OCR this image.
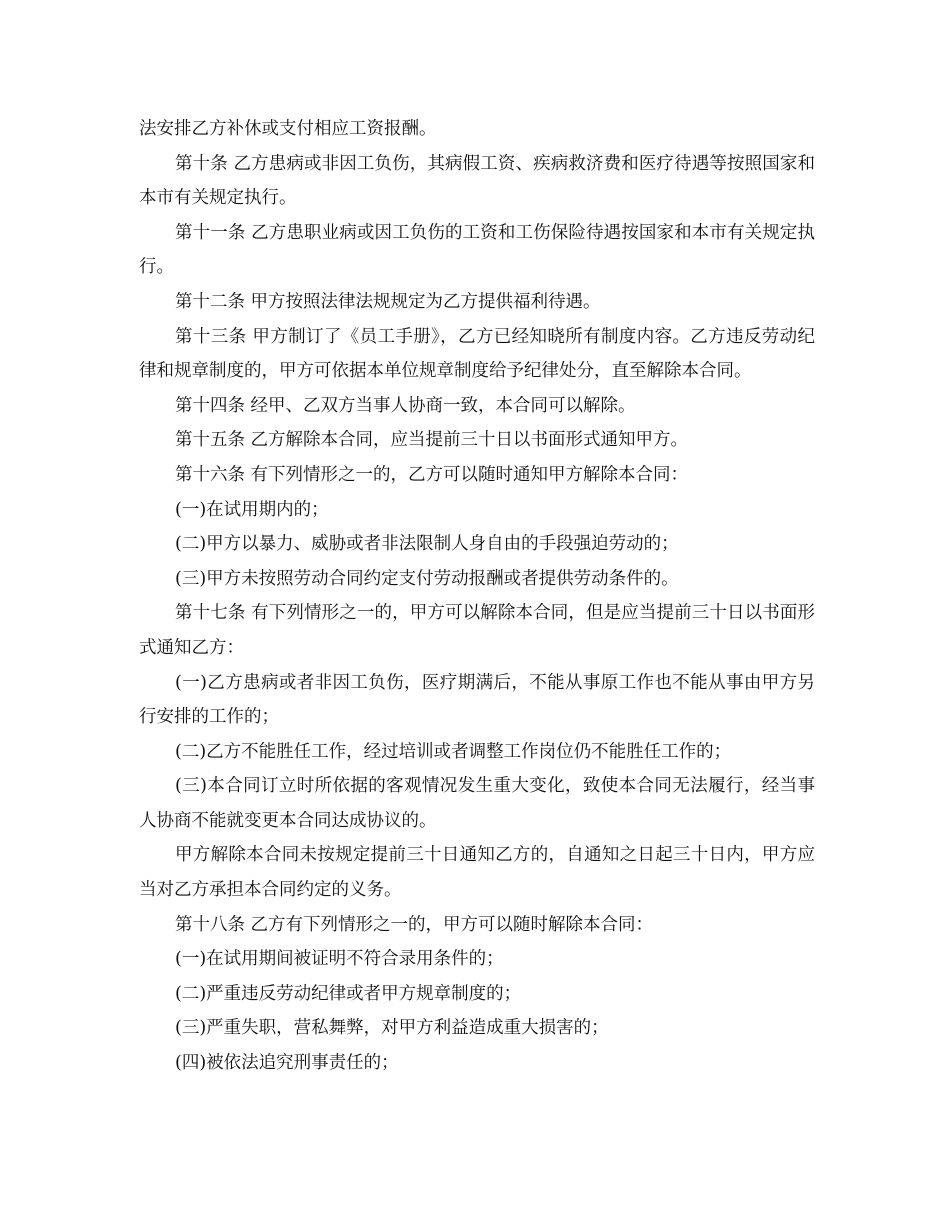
法安排乙方补休或支付相应工资报酬。

第十条 乙方患病或非因工负伤，其病假工资、疾病救济费和医疗待遇等按照国家和本市有关规定执行。

第十一条 乙方患职业病或因工负伤的工资和工伤保险待遇按国家和本市有关规定执行。

第十二条 甲方按照法律法规规定为乙方提供福利待遇。

第十三条 甲方制订了《员工手册》，乙方已经知晓所有制度内容。乙方违反劳动纪律和规章制度的，甲方可依据本单位规章制度给予纪律处分，直至解除本合同。

第十四条 经甲、乙双方当事人协商一致，本合同可以解除。

第十五条 乙方解除本合同，应当提前三十日以书面形式通知甲方。

第十六条 有下列情形之一的，乙方可以随时通知甲方解除本合同：

(一)在试用期内的；

(二)甲方以暴力、威胁或者非法限制人身自由的手段强迫劳动的；

(三)甲方未按照劳动合同约定支付劳动报酬或者提供劳动条件的。

第十七条 有下列情形之一的，甲方可以解除本合同，但是应当提前三十日以书面形式通知乙方：

(一)乙方患病或者非因工负伤，医疗期满后，不能从事原工作也不能从事由甲方另行安排的工作的；

(二)乙方不能胜任工作，经过培训或者调整工作岗位仍不能胜任工作的；

(三)本合同订立时所依据的客观情况发生重大变化，致使本合同无法履行，经当事人协商不能就变更本合同达成协议的。

甲方解除本合同未按规定提前三十日通知乙方的，自通知之日起三十日内，甲方应当对乙方承担本合同约定的义务。

第十八条 乙方有下列情形之一的，甲方可以随时解除本合同：

(一)在试用期间被证明不符合录用条件的；

(二)严重违反劳动纪律或者甲方规章制度的；

(三)严重失职，营私舞弊，对甲方利益造成重大损害的；

(四)被依法追究刑事责任的；
